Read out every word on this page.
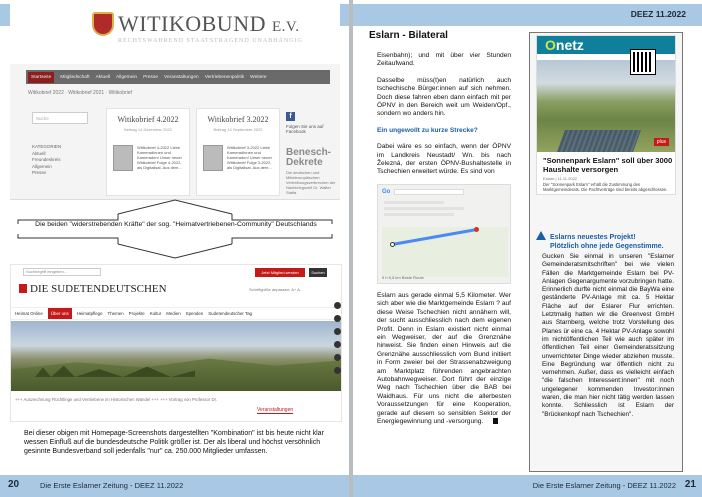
WITIKOBUND E.V.
RECHTSWAHREND STAATSTRAGEND UNABHÄNGIG
Startseite	Mitgliedschaft Aktuell Allgemein Presse Veranstaltungen Vertriebenenpolitik Weitere
Witikobrief 2022 · Witikobrief 2021 · Witikobrief
Suche
KATEGORIEN
Aktuell
Freundeskreis
Allgemein
Presse
Witikobrief 4.2022
Beitrag 14 Dezember 2022
Witikobrief 4-2022 Liebe Kameradinnen und Kameraden! Unser neuer Witikobrief Folge 4-2022, als Digitalisat. Aus dem...
Witikobrief 3.2022
Beitrag 14 September 2022
Witikobrief 3-2022 Liebe Kameradinnen und Kameraden! Unser neuer Witikobrief Folge 3-2022, als Digitalisat. Aus dem...
f
Folgen Sie uns auf Facebook
Benesch-Dekrete
Die deutschen und Mitteleuropäischen Vertreibungsverbrechen der Nachkriegszeit Dr. Walter Staffa
Die beiden "widerstrebenden Kräfte" der sog. "Heimatvertriebenen-Community" Deutschlands
Suchbegriff eingeben...	Jetzt Mitglied werden	Suchen
DIE SUDETENDEUTSCHEN	Schriftgröße anpassen: A+ A-
Heimat Online	Über uns	Heimatpflege Themen Projekte Kultur Medien Spenden Sudetendeutscher Tag
+++ Auszeichnung Flüchtlinge und Vertriebene im Historischen Wandel +++ +++ Vortrag von Professor Dr.
Veranstaltungen
Bei dieser obigen mit Homepage-Screenshots dargestellten "Kombination" ist bis heute nicht klar wessen Einfluß auf die bundesdeutsche Politik größer ist. Der als liberal und höchst versöhnlich gesinnte Bundesverband soll jedenfalls "nur" ca. 250.000 Mitglieder umfassen.
20	Die Erste Eslarner Zeitung - DEEZ 11.2022
DEEZ 11.2022
Eslarn - Bilateral

Eisenbahn); und mit über vier Stunden Zeitaufwand.

Dasselbe müss(t)en natürlich auch tschechische Bürger:innen auf sich nehmen. Doch diese fahren eben dann einfach mit per ÖPNV in den Bereich weit um Weiden/Opf., sondern wo anders hin.

Ein ungewollt zu kurze Strecke?

Dabei wäre es so einfach, wenn der ÖPNV im Landkreis Neustadt/ Wn. bis nach Železná, der ersten ÖPNV-Bushaltestelle in Tschechien erweitert würde. Es sind von

Go
5 h 5,5 km Beste Route

Eslarn aus gerade einmal 5,5 Kilometer. Wer sich aber wie die Marktgemeinde Eslarn ? auf diese Weise Tschechien nicht annähern will, der sucht ausschliesslich nach dem eigenen Profit. Denn in Eslarn existiert nicht einmal ein Wegweiser, der auf die Grenznähe hinweist. Sie finden einen Hinweis auf die Grenznähe ausschliesslich vom Bund initiiert in Form zweier bei der Strassenabzweigung am Marktplatz führenden angebrachten Autobahnwegweiser. Dort führt der einzige Weg nach Tschechien über die BAB bei Waidhaus. Für uns nicht die allerbesten Voraussetzungen für eine Kooperation, gerade auf diesem so sensiblen Sektor der Energiegewinnung und -versorgung.

Onetz
plus
"Sonnenpark Eslarn" soll über 3000 Haushalte versorgen
Eslarn | 11.11.2022
Der "Sonnenpark Eslarn" erhält die Zustimmung des Marktgemeinderats. Die Pachtverträge sind bereits abgeschlossen.
Eslarns neuestes Projekt!
Plötzlich ohne jede Gegenstimme.
Gucken Sie einmal in unseren "Eslarner Gemeinderatsmitschriften" bei wie vielen Fällen die Marktgemeinde Eslarn bei PV-Anlagen Gegenargumente vorzubringen hatte. Erinnerlich durfte nicht einmal die BayWa eine geständerte PV-Anlage mit ca. 5 Hektar Fläche auf der Eslarer Flur errichten. Letztmalig hatten wir die Greenvest GmbH aus Starnberg, welche trotz Vorstellung des Planes ür eine ca. 4 Hektar PV-Anlage sowohl im nichtöffentlichen Teil wie auch später im öffentlichen Teil einer Gemeinderatssitzung unverrichteter Dinge wieder abziehen musste. Eine Begründung war öffentlich nicht zu vernehmen. Außer, dass es vielleicht einfach "die falschen Interessent:innen" mit noch ungelegener kommenden Investor:innen waren, die man hier nicht tätig werden lassen konnte. Schliesslich ist Eslarn der "Brückenkopf nach Tschechien".
Die Erste Eslarner Zeitung - DEEZ 11.2022 21
